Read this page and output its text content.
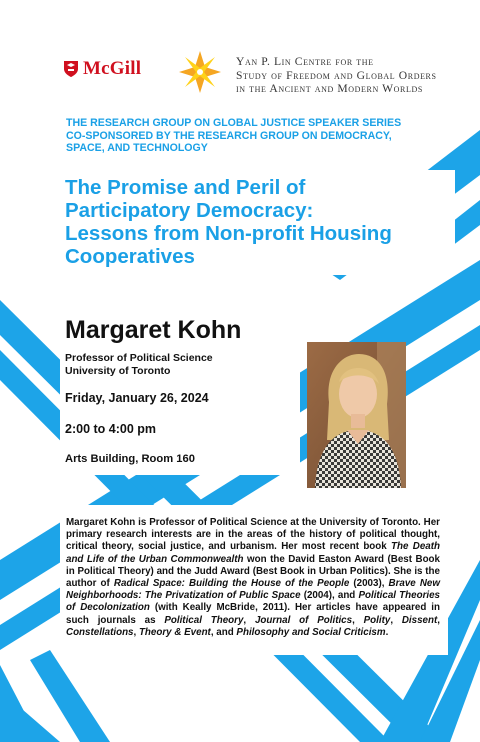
McGill	Yan P. Lin Centre for the
Study of Freedom and Global Orders
in the Ancient and Modern Worlds
THE RESEARCH GROUP ON GLOBAL JUSTICE SPEAKER SERIES
CO-SPONSORED BY THE RESEARCH GROUP ON DEMOCRACY,
SPACE, AND TECHNOLOGY
The Promise and Peril of
Participatory Democracy:
Lessons from Non-profit Housing
Cooperatives
Margaret Kohn
Professor of Political Science
University of Toronto
Friday, January 26, 2024
2:00 to 4:00 pm
Arts Building, Room 160
Margaret Kohn is Professor of Political Science at the University of Toronto. Her primary research interests are in the areas of the history of political thought, critical theory, social justice, and urbanism. Her most recent book The Death and Life of the Urban Commonwealth won the David Easton Award (Best Book in Political Theory) and the Judd Award (Best Book in Urban Politics). She is the author of Radical Space: Building the House of the People (2003), Brave New Neighborhoods: The Privatization of Public Space (2004), and Political Theories of Decolonization (with Keally McBride, 2011). Her articles have appeared in such journals as Political Theory, Journal of Politics, Polity, Dissent, Constellations, Theory & Event, and Philosophy and Social Criticism.
